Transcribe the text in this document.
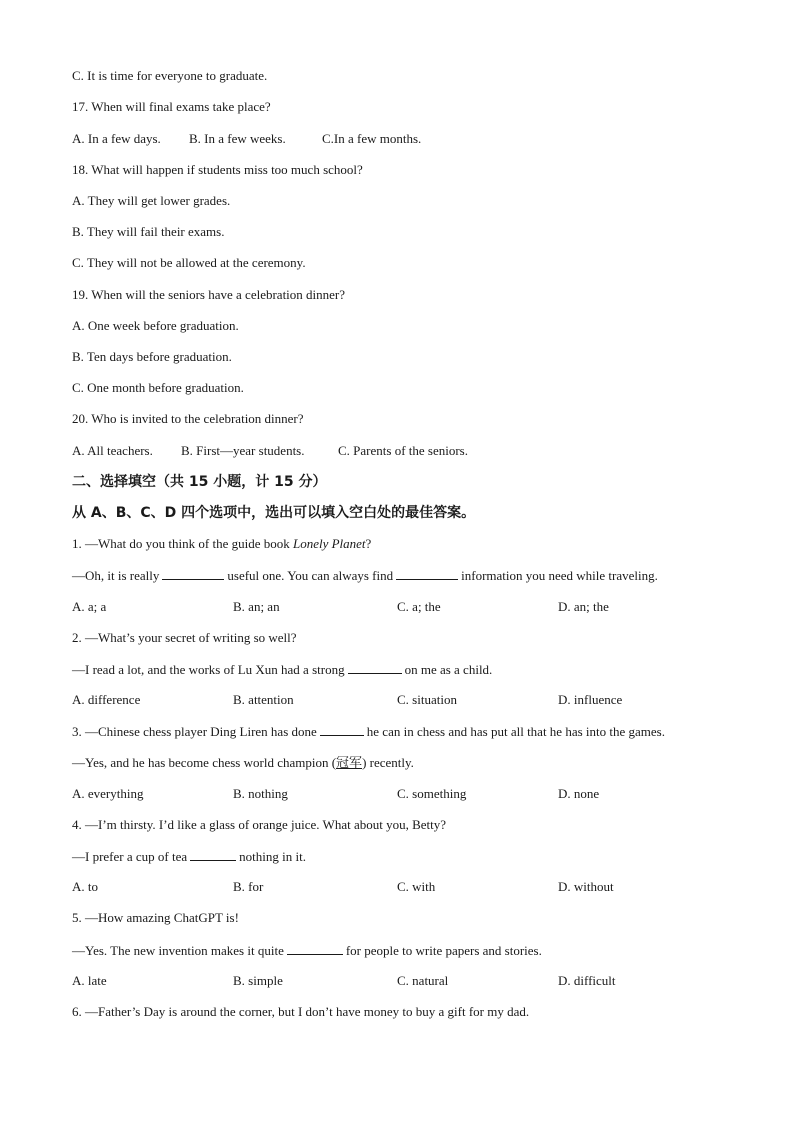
C. It is time for everyone to graduate.
17. When will final exams take place?
A. In a few days. B. In a few weeks.	C.In a few months.
18. What will happen if students miss too much school?
A. They will get lower grades.
B. They will fail their exams.
C. They will not be allowed at the ceremony.
19. When will the seniors have a celebration dinner?
A. One week before graduation.
B. Ten days before graduation.
C. One month before graduation.
20. Who is invited to the celebration dinner?
A. All teachers. B. First—year students.	C. Parents of the seniors.
二、选择填空（共 15 小题，计 15 分）
从 A、B、C、D 四个选项中，选出可以填入空白处的最佳答案。
1. —What do you think of the guide book Lonely Planet?
—Oh, it is really	useful one. You can always find	information you need while traveling.
A. a; a	B. an; an	C. a; the	D. an; the
2. —What’s your secret of writing so well?
—I read a lot, and the works of Lu Xun had a strong	on me as a child.
A. difference	B. attention	C. situation	D. influence
3. —Chinese chess player Ding Liren has done	he can in chess and has put all that he has into the games.
—Yes, and he has become chess world champion (冠军) recently.
A. everything	B. nothing	C. something	D. none
4. —I’m thirsty. I’d like a glass of orange juice. What about you, Betty?
—I prefer a cup of tea	nothing in it.
A. to	B. for	C. with	D. without
5. —How amazing ChatGPT is!
—Yes. The new invention makes it quite	for people to write papers and stories.
A. late	B. simple	C. natural	D. difficult
6. —Father’s Day is around the corner, but I don’t have money to buy a gift for my dad.
